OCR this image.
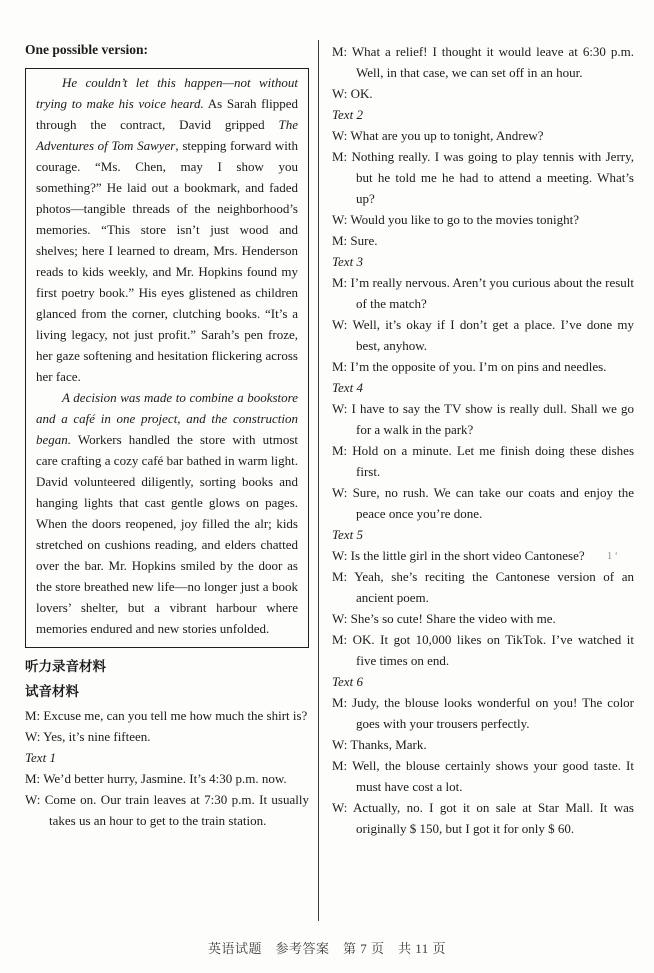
One possible version:

He couldn’t let this happen—not without trying to make his voice heard. As Sarah flipped through the contract, David gripped The Adventures of Tom Sawyer, stepping forward with courage. “Ms. Chen, may I show you something?” He laid out a bookmark, and faded photos—tangible threads of the neighborhood’s memories. “This store isn’t just wood and shelves; here I learned to dream, Mrs. Henderson reads to kids weekly, and Mr. Hopkins found my first poetry book.” His eyes glistened as children glanced from the corner, clutching books. “It’s a living legacy, not just profit.” Sarah’s pen froze, her gaze softening and hesitation flickering across her face.

A decision was made to combine a bookstore and a café in one project, and the construction began. Workers handled the store with utmost care crafting a cozy café bar bathed in warm light. David volunteered diligently, sorting books and hanging lights that cast gentle glows on pages. When the doors reopened, joy filled the alr; kids stretched on cushions reading, and elders chatted over the bar. Mr. Hopkins smiled by the door as the store breathed new life—no longer just a book lovers’ shelter, but a vibrant harbour where memories endured and new stories unfolded.

听力录音材料
试音材料
M: Excuse me, can you tell me how much the shirt is?
W: Yes, it’s nine fifteen.
Text 1
M: We’d better hurry, Jasmine. It’s 4:30 p.m. now.
W: Come on. Our train leaves at 7:30 p.m. It usually takes us an hour to get to the train station.
M: What a relief! I thought it would leave at 6:30 p.m. Well, in that case, we can set off in an hour.
W: OK.
Text 2
W: What are you up to tonight, Andrew?
M: Nothing really. I was going to play tennis with Jerry, but he told me he had to attend a meeting. What’s up?
W: Would you like to go to the movies tonight?
M: Sure.
Text 3
M: I’m really nervous. Aren’t you curious about the result of the match?
W: Well, it’s okay if I don’t get a place. I’ve done my best, anyhow.
M: I’m the opposite of you. I’m on pins and needles.
Text 4
W: I have to say the TV show is really dull. Shall we go for a walk in the park?
M: Hold on a minute. Let me finish doing these dishes first.
W: Sure, no rush. We can take our coats and enjoy the peace once you’re done.
Text 5
W: Is the little girl in the short video Cantonese? 1 ʻ
M: Yeah, she’s reciting the Cantonese version of an ancient poem.
W: She’s so cute! Share the video with me.
M: OK. It got 10,000 likes on TikTok. I’ve watched it five times on end.
Text 6
M: Judy, the blouse looks wonderful on you! The color goes with your trousers perfectly.
W: Thanks, Mark.
M: Well, the blouse certainly shows your good taste. It must have cost a lot.
W: Actually, no. I got it on sale at Star Mall. It was originally $ 150, but I got it for only $ 60.
英语试题　参考答案　第 7 页　共 11 页
